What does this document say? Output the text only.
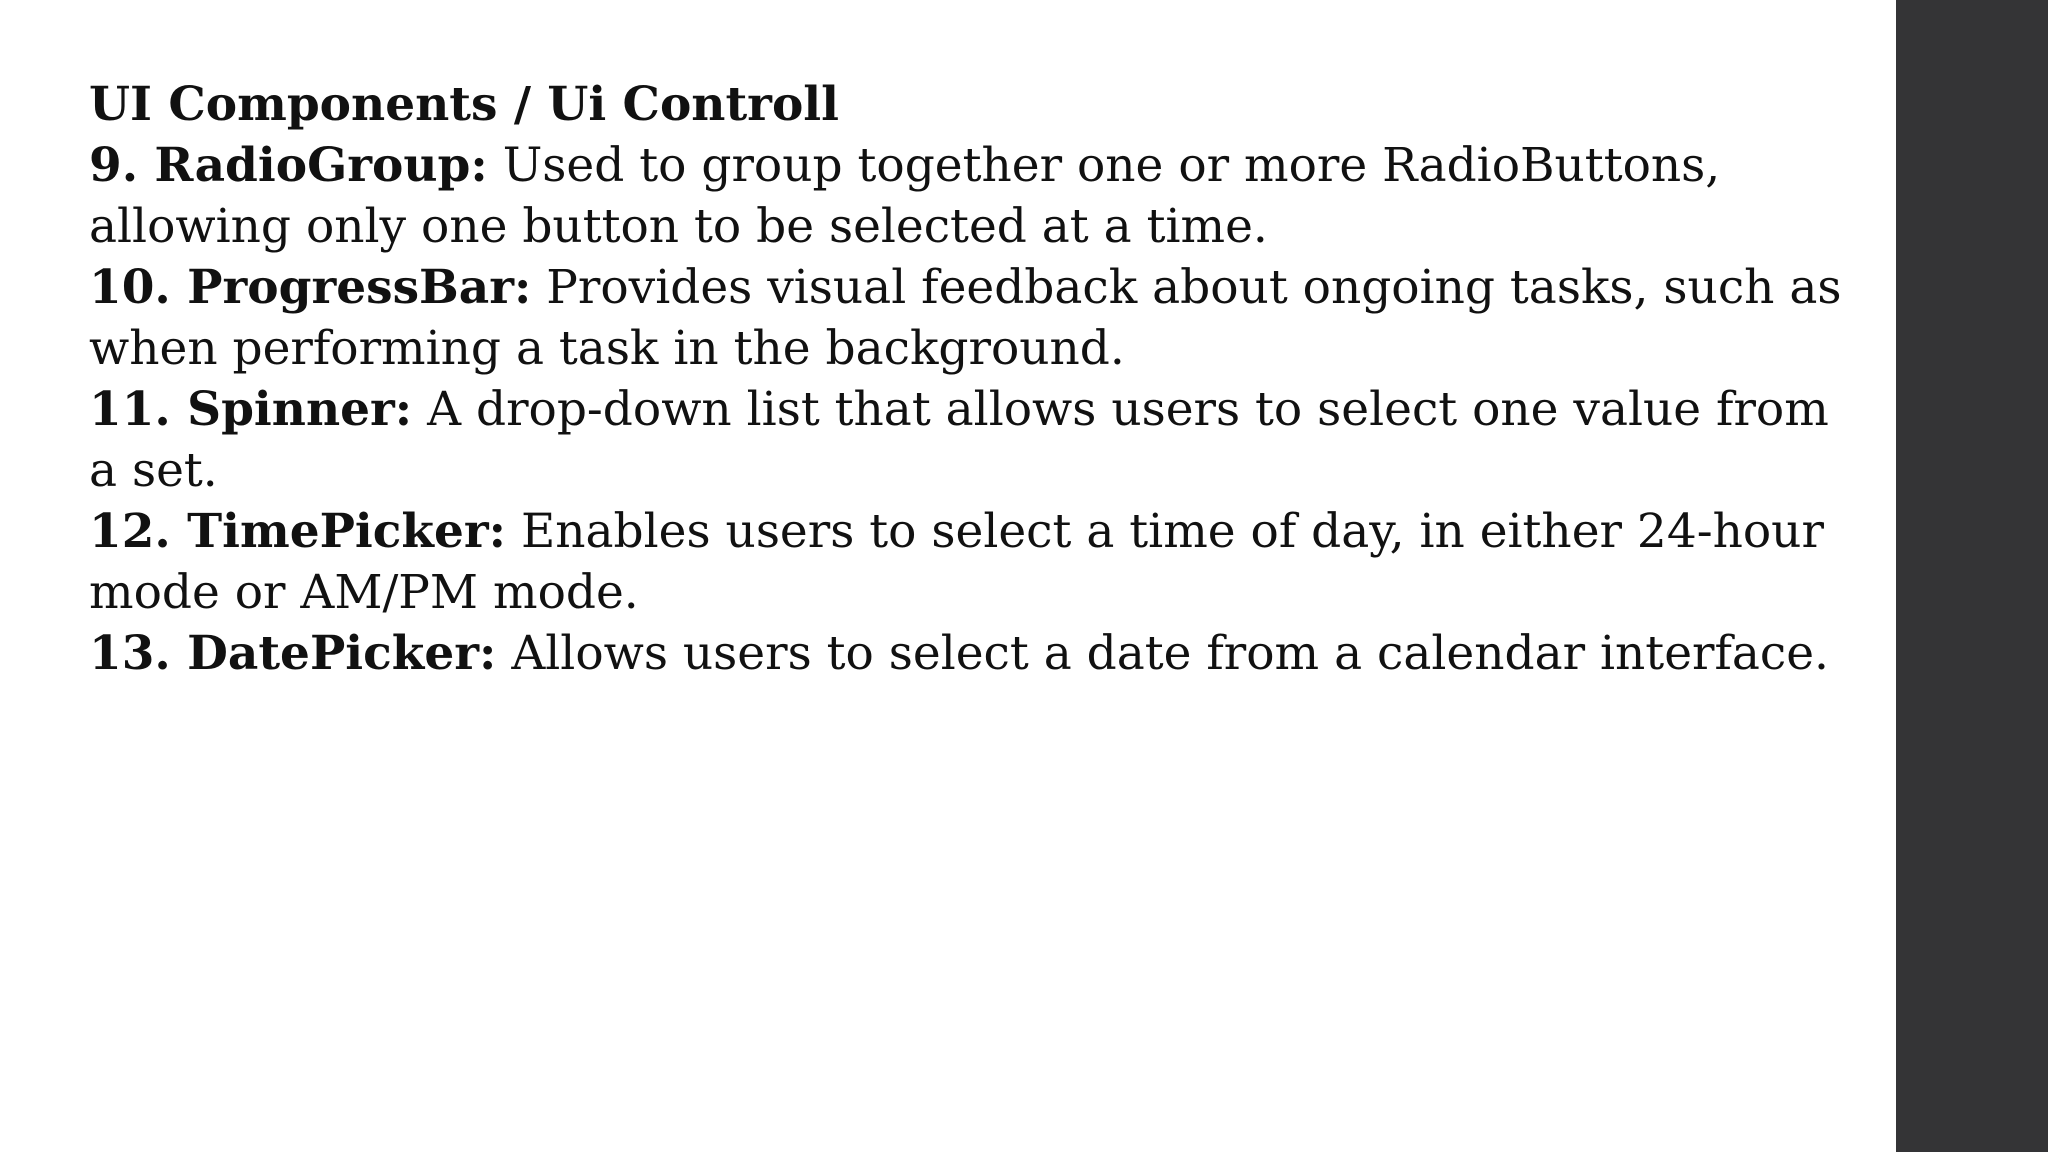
UI Components / Ui Controll

9. RadioGroup: Used to group together one or more RadioButtons, allowing only one button to be selected at a time.

10. ProgressBar: Provides visual feedback about ongoing tasks, such as when performing a task in the background.

11. Spinner: A drop-down list that allows users to select one value from a set.

12. TimePicker: Enables users to select a time of day, in either 24-hour mode or AM/PM mode.

13. DatePicker: Allows users to select a date from a calendar interface.
